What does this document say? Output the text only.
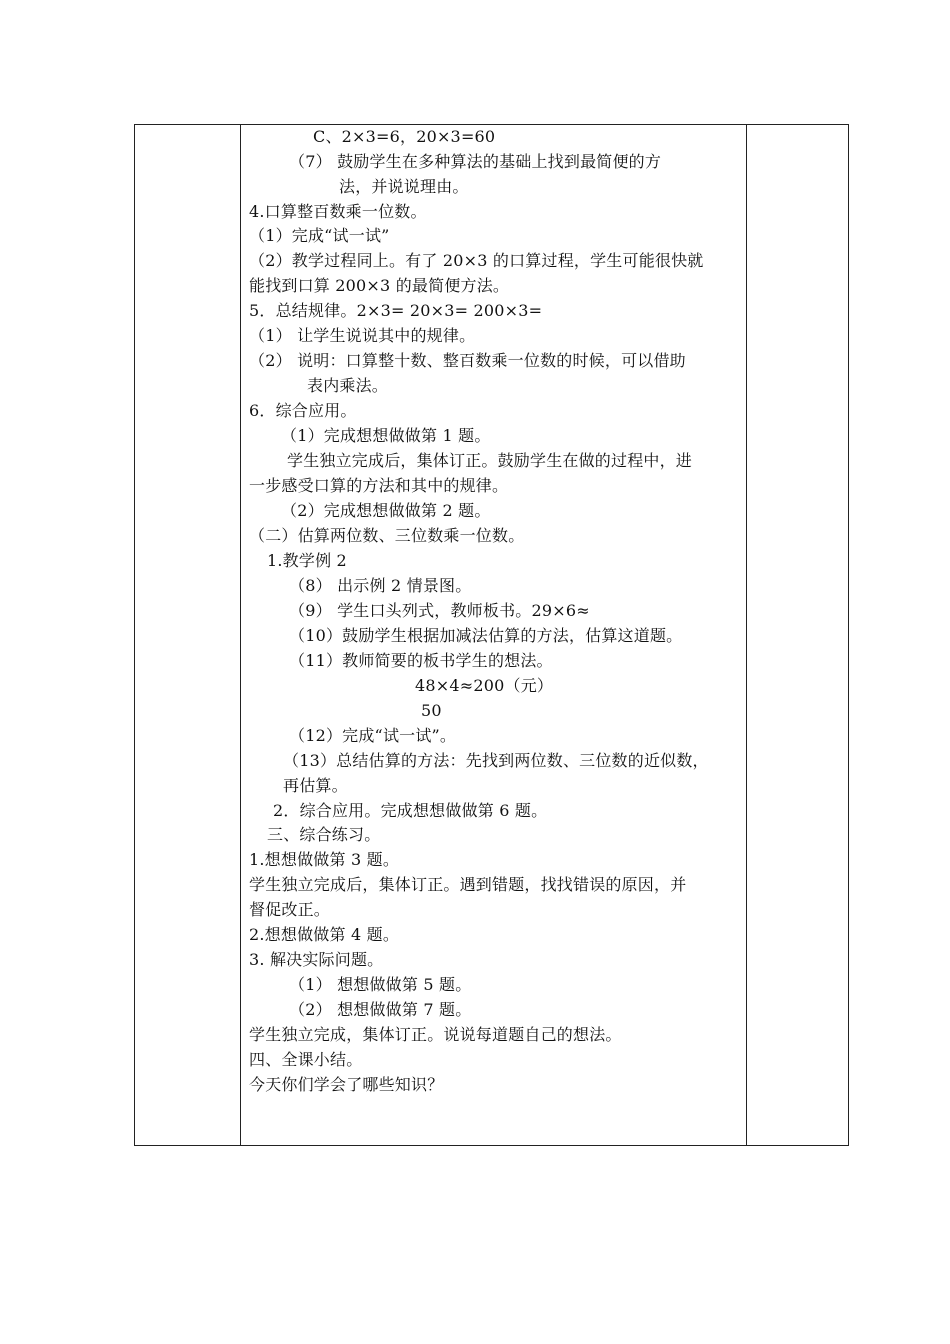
C、2×3=6，20×3=60
（7） 鼓励学生在多种算法的基础上找到最简便的方
法，并说说理由。
4.口算整百数乘一位数。
（1）完成“试一试”
（2）教学过程同上。有了 20×3 的口算过程，学生可能很快就
能找到口算 200×3 的最简便方法。
5．总结规律。2×3= 20×3= 200×3=
（1） 让学生说说其中的规律。
（2） 说明：口算整十数、整百数乘一位数的时候，可以借助
表内乘法。
6．综合应用。
（1）完成想想做做第 1 题。
学生独立完成后，集体订正。鼓励学生在做的过程中，进
一步感受口算的方法和其中的规律。
（2）完成想想做做第 2 题。
（二）估算两位数、三位数乘一位数。
1.教学例 2
（8） 出示例 2 情景图。
（9） 学生口头列式，教师板书。29×6≈
（10）鼓励学生根据加减法估算的方法，估算这道题。
（11）教师简要的板书学生的想法。
48×4≈200（元）
50
（12）完成“试一试”。
（13）总结估算的方法：先找到两位数、三位数的近似数，
再估算。
2．综合应用。完成想想做做第 6 题。
三、综合练习。
1.想想做做第 3 题。
学生独立完成后，集体订正。遇到错题，找找错误的原因，并
督促改正。
2.想想做做第 4 题。
3. 解决实际问题。
（1） 想想做做第 5 题。
（2） 想想做做第 7 题。
学生独立完成，集体订正。说说每道题自己的想法。
四、全课小结。
今天你们学会了哪些知识？
